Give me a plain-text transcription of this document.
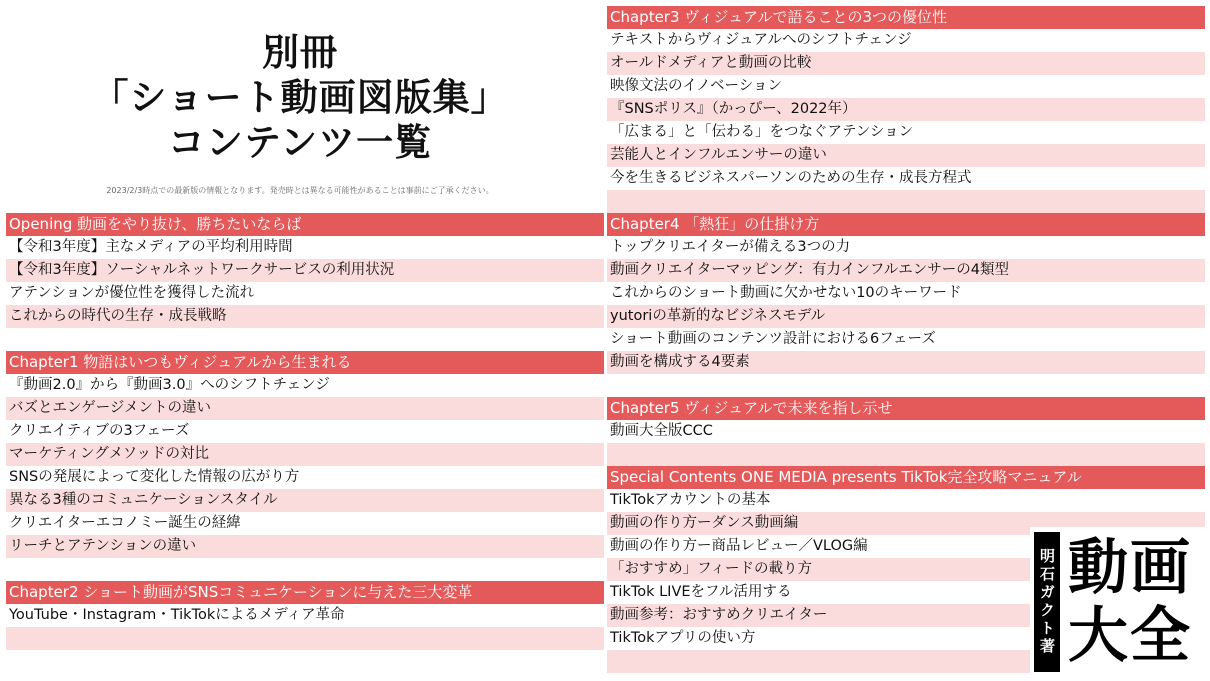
別冊
「ショート動画図版集」
コンテンツ一覧
2023/2/3時点での最新版の情報となります。発売時とは異なる可能性があることは事前にご了承ください。
Opening 動画をやり抜け、勝ちたいならば
【令和3年度】主なメディアの平均利用時間
【令和3年度】ソーシャルネットワークサービスの利用状況
アテンションが優位性を獲得した流れ
これからの時代の生存・成長戦略
Chapter1 物語はいつもヴィジュアルから生まれる
『動画2.0』から『動画3.0』へのシフトチェンジ
バズとエンゲージメントの違い
クリエイティブの3フェーズ
マーケティングメソッドの対比
SNSの発展によって変化した情報の広がり方
異なる3種のコミュニケーションスタイル
クリエイターエコノミー誕生の経緯
リーチとアテンションの違い
Chapter2 ショート動画がSNSコミュニケーションに与えた三大変革
YouTube・Instagram・TikTokによるメディア革命
Chapter3 ヴィジュアルで語ることの3つの優位性
テキストからヴィジュアルへのシフトチェンジ
オールドメディアと動画の比較
映像文法のイノベーション
『SNSポリス』（かっぴー、2022年）
「広まる」と「伝わる」をつなぐアテンション
芸能人とインフルエンサーの違い
今を生きるビジネスパーソンのための生存・成長方程式
Chapter4 「熱狂」の仕掛け方
トップクリエイターが備える3つの力
動画クリエイターマッピング：有力インフルエンサーの4類型
これからのショート動画に欠かせない10のキーワード
yutoriの革新的なビジネスモデル
ショート動画のコンテンツ設計における6フェーズ
動画を構成する4要素
Chapter5 ヴィジュアルで未来を指し示せ
動画大全版CCC
Special Contents ONE MEDIA presents TikTok完全攻略マニュアル
TikTokアカウントの基本
動画の作り方ーダンス動画編
動画の作り方ー商品レビュー／VLOG編
「おすすめ」フィードの載り方
TikTok LIVEをフル活用する
動画参考：おすすめクリエイター
TikTokアプリの使い方	明石ガクト著 動画
大全
